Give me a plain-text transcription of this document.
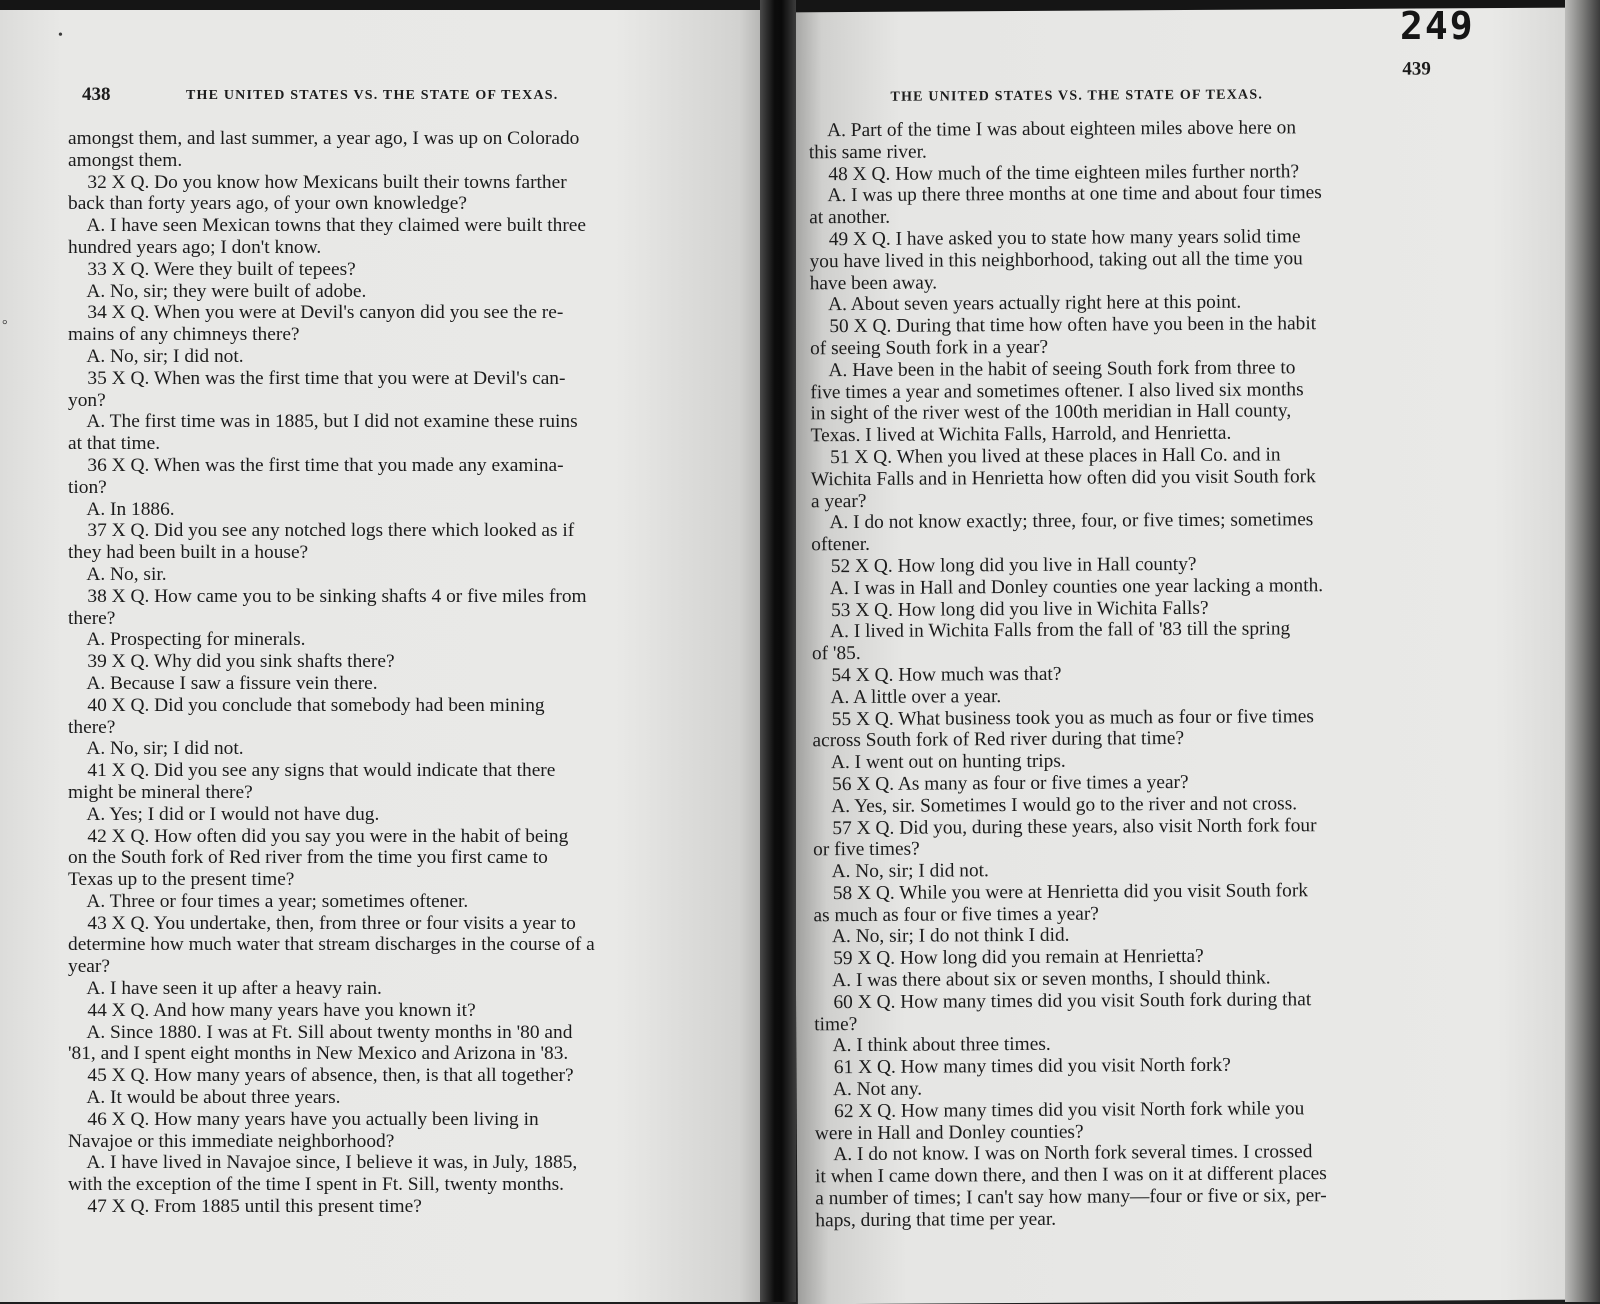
438	THE UNITED STATES VS. THE STATE OF TEXAS.
amongst them, and last summer, a year ago, I was up on Colorado
amongst them.
32 X Q. Do you know how Mexicans built their towns farther
back than forty years ago, of your own knowledge?
A. I have seen Mexican towns that they claimed were built three
hundred years ago; I don't know.
33 X Q. Were they built of tepees?
A. No, sir; they were built of adobe.
34 X Q. When you were at Devil's canyon did you see the re-
mains of any chimneys there?
A. No, sir; I did not.
35 X Q. When was the first time that you were at Devil's can-
yon?
A. The first time was in 1885, but I did not examine these ruins
at that time.
36 X Q. When was the first time that you made any examina-
tion?
A. In 1886.
37 X Q. Did you see any notched logs there which looked as if
they had been built in a house?
A. No, sir.
38 X Q. How came you to be sinking shafts 4 or five miles from
there?
A. Prospecting for minerals.
39 X Q. Why did you sink shafts there?
A. Because I saw a fissure vein there.
40 X Q. Did you conclude that somebody had been mining
there?
A. No, sir; I did not.
41 X Q. Did you see any signs that would indicate that there
might be mineral there?
A. Yes; I did or I would not have dug.
42 X Q. How often did you say you were in the habit of being
on the South fork of Red river from the time you first came to
Texas up to the present time?
A. Three or four times a year; sometimes oftener.
43 X Q. You undertake, then, from three or four visits a year to
determine how much water that stream discharges in the course of a
year?
A. I have seen it up after a heavy rain.
44 X Q. And how many years have you known it?
A. Since 1880. I was at Ft. Sill about twenty months in '80 and
'81, and I spent eight months in New Mexico and Arizona in '83.
45 X Q. How many years of absence, then, is that all together?
A. It would be about three years.
46 X Q. How many years have you actually been living in
Navajoe or this immediate neighborhood?
A. I have lived in Navajoe since, I believe it was, in July, 1885,
with the exception of the time I spent in Ft. Sill, twenty months.
47 X Q. From 1885 until this present time?
THE UNITED STATES VS. THE STATE OF TEXAS.
439
A. Part of the time I was about eighteen miles above here on
this same river.
48 X Q. How much of the time eighteen miles further north?
A. I was up there three months at one time and about four times
at another.
49 X Q. I have asked you to state how many years solid time
you have lived in this neighborhood, taking out all the time you
have been away.
A. About seven years actually right here at this point.
50 X Q. During that time how often have you been in the habit
of seeing South fork in a year?
A. Have been in the habit of seeing South fork from three to
five times a year and sometimes oftener. I also lived six months
in sight of the river west of the 100th meridian in Hall county,
Texas. I lived at Wichita Falls, Harrold, and Henrietta.
51 X Q. When you lived at these places in Hall Co. and in
Wichita Falls and in Henrietta how often did you visit South fork
a year?
A. I do not know exactly; three, four, or five times; sometimes
oftener.
52 X Q. How long did you live in Hall county?
A. I was in Hall and Donley counties one year lacking a month.
53 X Q. How long did you live in Wichita Falls?
A. I lived in Wichita Falls from the fall of '83 till the spring
of '85.
54 X Q. How much was that?
A. A little over a year.
55 X Q. What business took you as much as four or five times
across South fork of Red river during that time?
A. I went out on hunting trips.
56 X Q. As many as four or five times a year?
A. Yes, sir. Sometimes I would go to the river and not cross.
57 X Q. Did you, during these years, also visit North fork four
or five times?
A. No, sir; I did not.
58 X Q. While you were at Henrietta did you visit South fork
as much as four or five times a year?
A. No, sir; I do not think I did.
59 X Q. How long did you remain at Henrietta?
A. I was there about six or seven months, I should think.
60 X Q. How many times did you visit South fork during that
time?
A. I think about three times.
61 X Q. How many times did you visit North fork?
A. Not any.
62 X Q. How many times did you visit North fork while you
were in Hall and Donley counties?
A. I do not know. I was on North fork several times. I crossed
it when I came down there, and then I was on it at different places
a number of times; I can't say how many—four or five or six, per-
haps, during that time per year.
249
•
°
